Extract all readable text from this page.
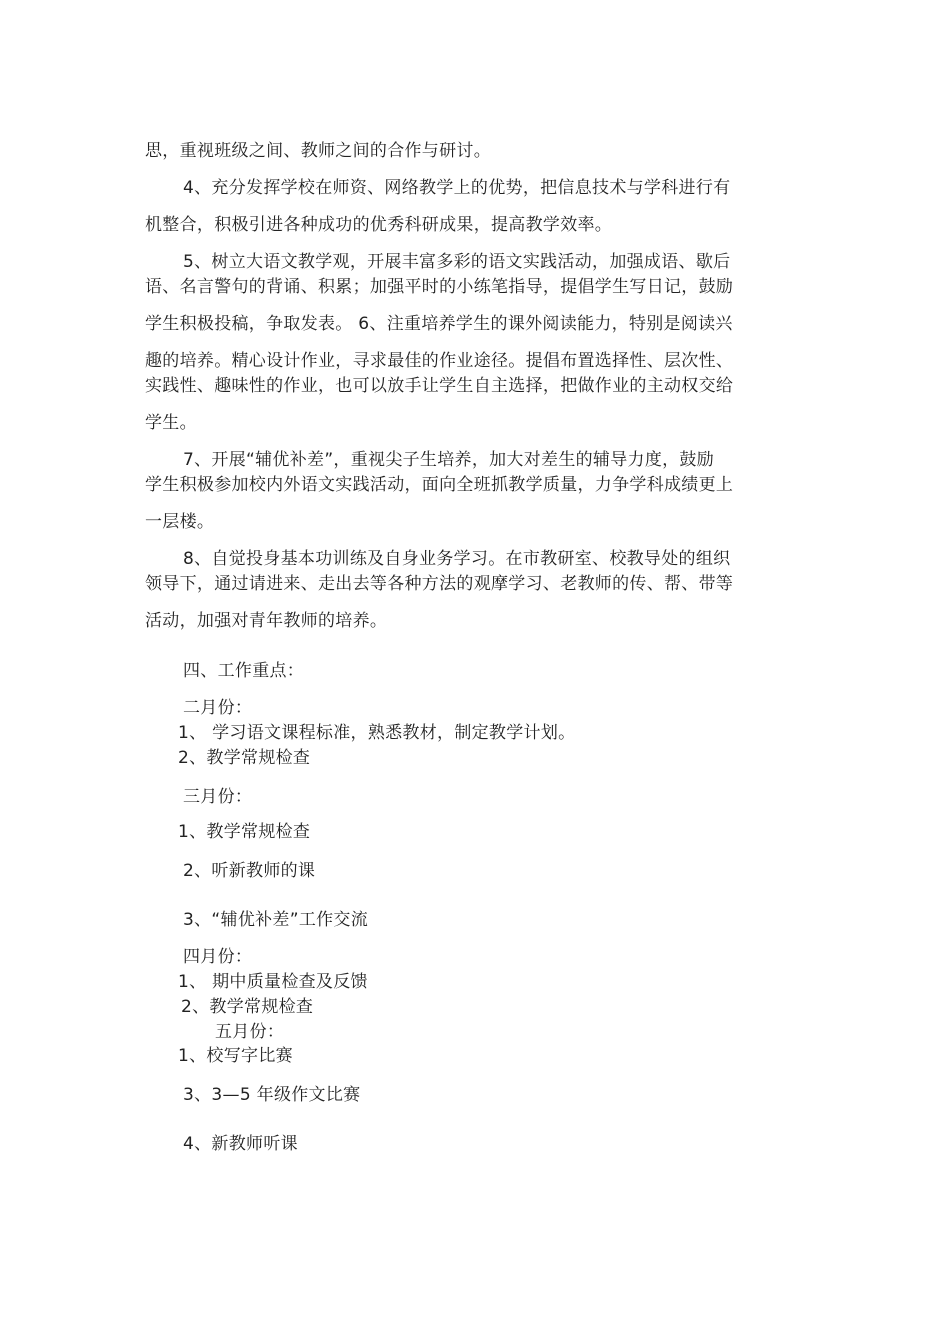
思，重视班级之间、教师之间的合作与研讨。
4、充分发挥学校在师资、网络教学上的优势，把信息技术与学科进行有
机整合，积极引进各种成功的优秀科研成果，提高教学效率。
5、树立大语文教学观，开展丰富多彩的语文实践活动，加强成语、歇后
语、名言警句的背诵、积累；加强平时的小练笔指导，提倡学生写日记，鼓励
学生积极投稿，争取发表。 6、注重培养学生的课外阅读能力，特别是阅读兴
趣的培养。精心设计作业，寻求最佳的作业途径。提倡布置选择性、层次性、
实践性、趣味性的作业，也可以放手让学生自主选择，把做作业的主动权交给
学生。
7、开展“辅优补差”，重视尖子生培养，加大对差生的辅导力度，鼓励
学生积极参加校内外语文实践活动，面向全班抓教学质量，力争学科成绩更上
一层楼。
8、自觉投身基本功训练及自身业务学习。在市教研室、校教导处的组织
领导下，通过请进来、走出去等各种方法的观摩学习、老教师的传、帮、带等
活动，加强对青年教师的培养。
四、工作重点：
二月份：
1、 学习语文课程标准，熟悉教材，制定教学计划。
2、教学常规检查
三月份：
1、教学常规检查
2、听新教师的课
3、“辅优补差”工作交流
四月份：
1、 期中质量检查及反馈
2、教学常规检查
五月份：
1、校写字比赛
3、3—5 年级作文比赛
4、新教师听课
